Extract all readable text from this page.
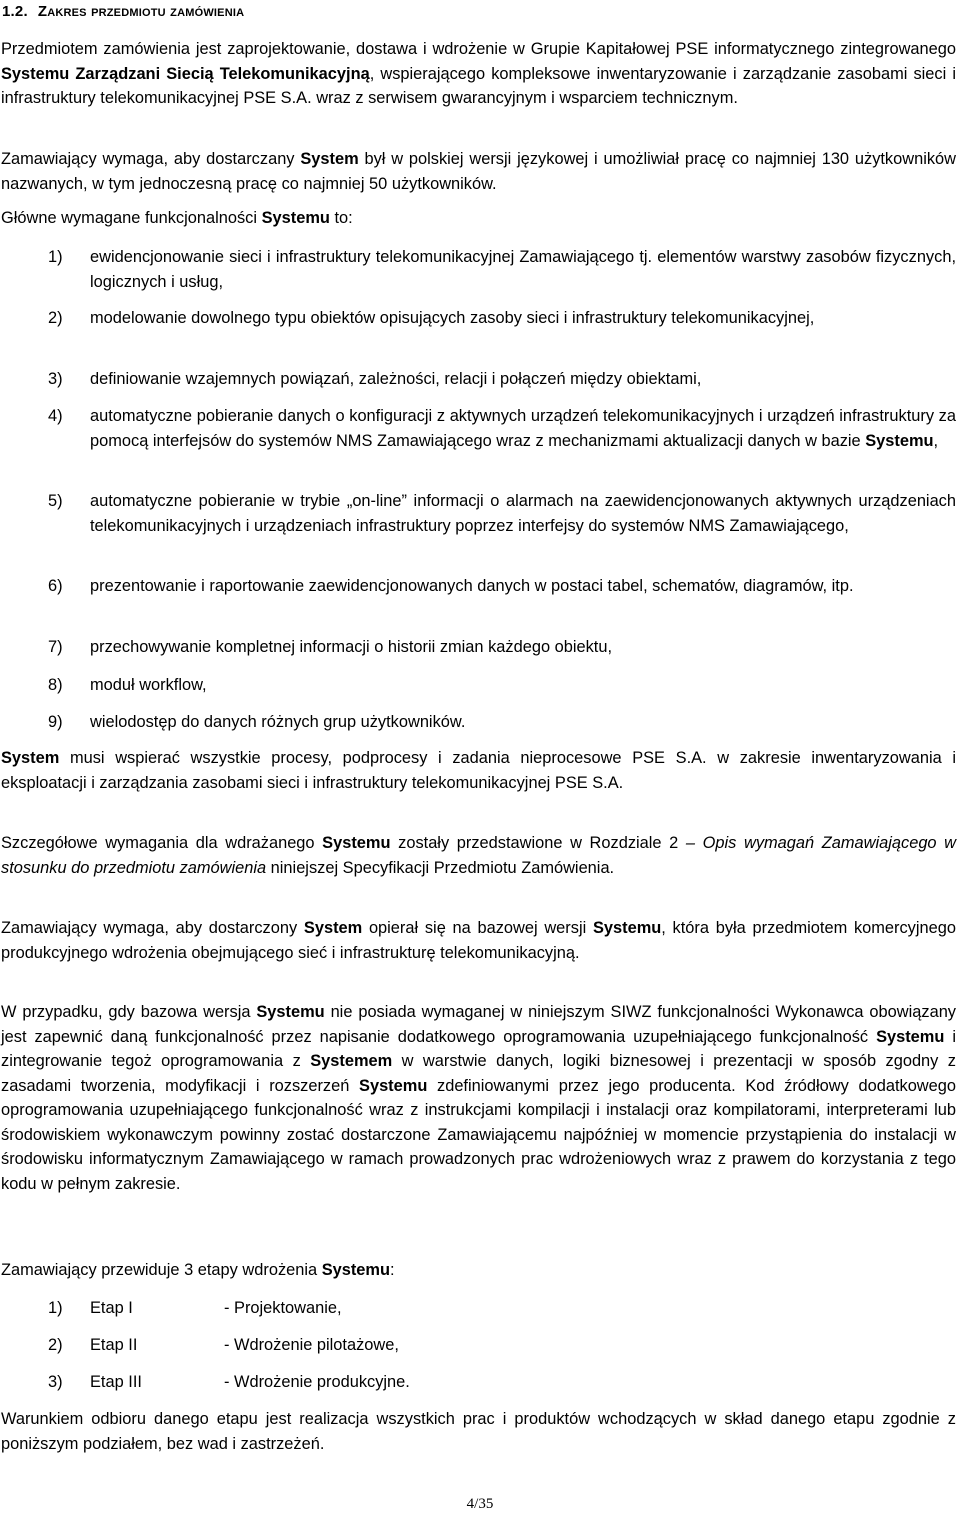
1.2. Zakres przedmiotu zamówienia
Przedmiotem zamówienia jest zaprojektowanie, dostawa i wdrożenie w Grupie Kapitałowej PSE informatycznego zintegrowanego Systemu Zarządzani Siecią Telekomunikacyjną, wspierającego kompleksowe inwentaryzowanie i zarządzanie zasobami sieci i infrastruktury telekomunikacyjnej PSE S.A. wraz z serwisem gwarancyjnym i wsparciem technicznym.
Zamawiający wymaga, aby dostarczany System był w polskiej wersji językowej i umożliwiał pracę co najmniej 130 użytkowników nazwanych, w tym jednoczesną pracę co najmniej 50 użytkowników.
Główne wymagane funkcjonalności Systemu to:
1)	ewidencjonowanie sieci i infrastruktury telekomunikacyjnej Zamawiającego tj. elementów warstwy zasobów fizycznych, logicznych i usług,
2)	modelowanie dowolnego typu obiektów opisujących zasoby sieci i infrastruktury telekomunikacyjnej,
3)	definiowanie wzajemnych powiązań, zależności, relacji i połączeń między obiektami,
4)	automatyczne pobieranie danych o konfiguracji z aktywnych urządzeń telekomunikacyjnych i urządzeń infrastruktury za pomocą interfejsów do systemów NMS Zamawiającego wraz z mechanizmami aktualizacji danych w bazie Systemu,
5)	automatyczne pobieranie w trybie „on-line” informacji o alarmach na zaewidencjonowanych aktywnych urządzeniach telekomunikacyjnych i urządzeniach infrastruktury poprzez interfejsy do systemów NMS Zamawiającego,
6)	prezentowanie i raportowanie zaewidencjonowanych danych w postaci tabel, schematów, diagramów, itp.
7)	przechowywanie kompletnej informacji o historii zmian każdego obiektu,
8)	moduł workflow,
9)	wielodostęp do danych różnych grup użytkowników.
System musi wspierać wszystkie procesy, podprocesy i zadania nieprocesowe PSE S.A. w zakresie inwentaryzowania i eksploatacji i zarządzania zasobami sieci i infrastruktury telekomunikacyjnej PSE S.A.
Szczegółowe wymagania dla wdrażanego Systemu zostały przedstawione w Rozdziale 2 – Opis wymagań Zamawiającego w stosunku do przedmiotu zamówienia niniejszej Specyfikacji Przedmiotu Zamówienia.
Zamawiający wymaga, aby dostarczony System opierał się na bazowej wersji Systemu, która była przedmiotem komercyjnego produkcyjnego wdrożenia obejmującego sieć i infrastrukturę telekomunikacyjną.
W przypadku, gdy bazowa wersja Systemu nie posiada wymaganej w niniejszym SIWZ funkcjonalności Wykonawca obowiązany jest zapewnić daną funkcjonalność przez napisanie dodatkowego oprogramowania uzupełniającego funkcjonalność Systemu i zintegrowanie tegoż oprogramowania z Systemem w warstwie danych, logiki biznesowej i prezentacji w sposób zgodny z zasadami tworzenia, modyfikacji i rozszerzeń Systemu zdefiniowanymi przez jego producenta. Kod źródłowy dodatkowego oprogramowania uzupełniającego funkcjonalność wraz z instrukcjami kompilacji i instalacji oraz kompilatorami, interpreterami lub środowiskiem wykonawczym powinny zostać dostarczone Zamawiającemu najpóźniej w momencie przystąpienia do instalacji w środowisku informatycznym Zamawiającego w ramach prowadzonych prac wdrożeniowych wraz z prawem do korzystania z tego kodu w pełnym zakresie.
Zamawiający przewiduje 3 etapy wdrożenia Systemu:
1)	Etap I	- Projektowanie,
2)	Etap II	- Wdrożenie pilotażowe,
3)	Etap III	- Wdrożenie produkcyjne.
Warunkiem odbioru danego etapu jest realizacja wszystkich prac i produktów wchodzących w skład danego etapu zgodnie z poniższym podziałem, bez wad i zastrzeżeń.
4/35
